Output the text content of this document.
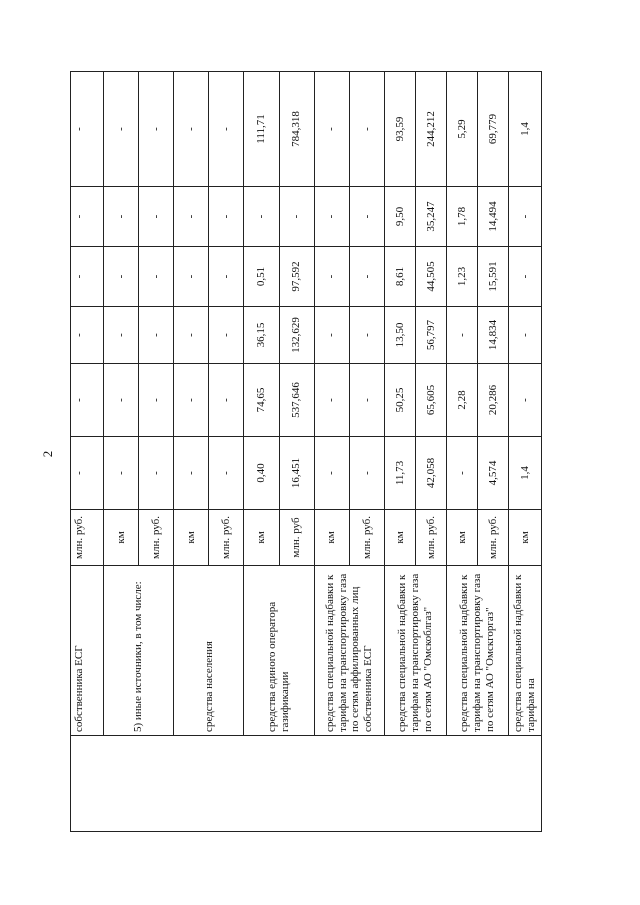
2
	собственника ЕСГ	млн. руб.	-	-	-	-	-	-
	5) иные источники, в том числе:	км	-	-	-	-	-	-
		млн. руб.	-	-	-	-	-	-
	средства населения	км	-	-	-	-	-	-
		млн. руб.	-	-	-	-	-	-
	средства единого оператора газификации	км	0,40	74,65	36,15	0,51	-	111,71
		млн. руб	16,451	537,646	132,629	97,592	-	784,318
	средства специальной надбавки к тарифам на транспортировку газа по сетям аффилированных лиц собственника ЕСГ	км	-	-	-	-	-	-
		млн. руб.	-	-	-	-	-	-
	средства специальной надбавки к тарифам на транспортировку газа по сетям АО "Омскоблгаз"	км	11,73	50,25	13,50	8,61	9,50	93,59
		млн. руб.	42,058	65,605	56,797	44,505	35,247	244,212
	средства специальной надбавки к тарифам на транспортировку газа по сетям АО "Омскгоргаз"	км	-	2,28	-	1,23	1,78	5,29
		млн. руб.	4,574	20,286	14,834	15,591	14,494	69,779
	средства специальной надбавки к тарифам на	км	1,4	-	-	-	-	1,4
